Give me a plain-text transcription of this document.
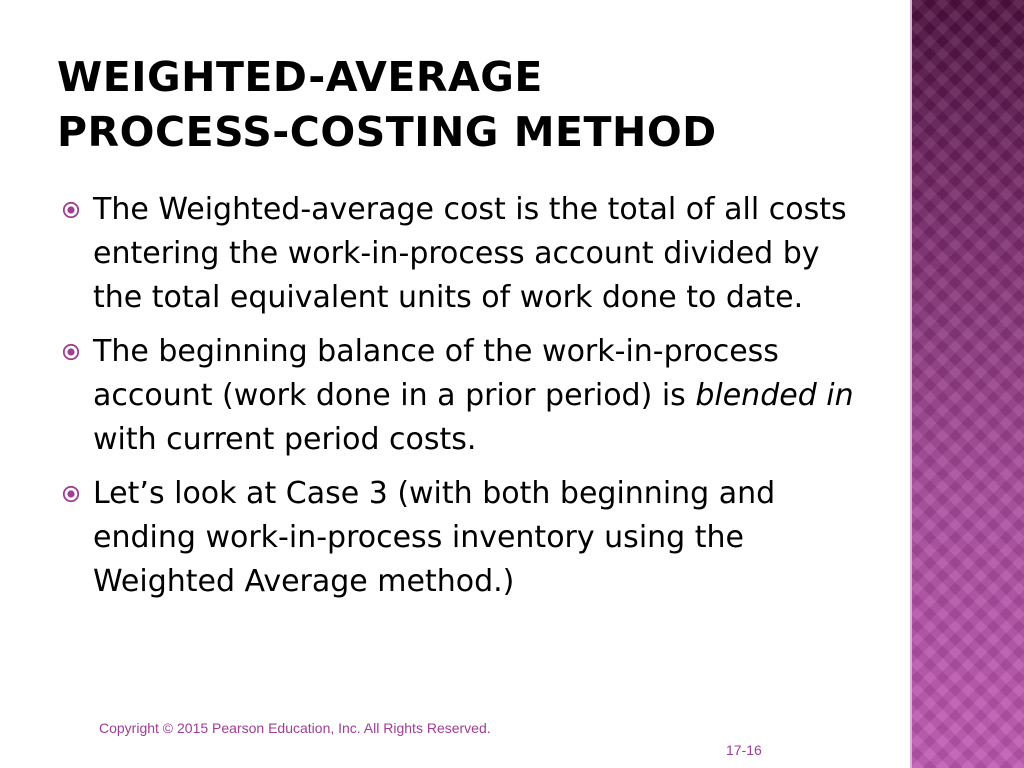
WEIGHTED-AVERAGE
PROCESS-COSTING METHOD
The Weighted-average cost is the total of all costs entering the work-in-process account divided by the total equivalent units of work done to date.
The beginning balance of the work-in-process account (work done in a prior period) is blended in with current period costs.
Let’s look at Case 3 (with both beginning and ending work-in-process inventory using the Weighted Average method.)
Copyright © 2015 Pearson Education, Inc. All Rights Reserved.
17-16
